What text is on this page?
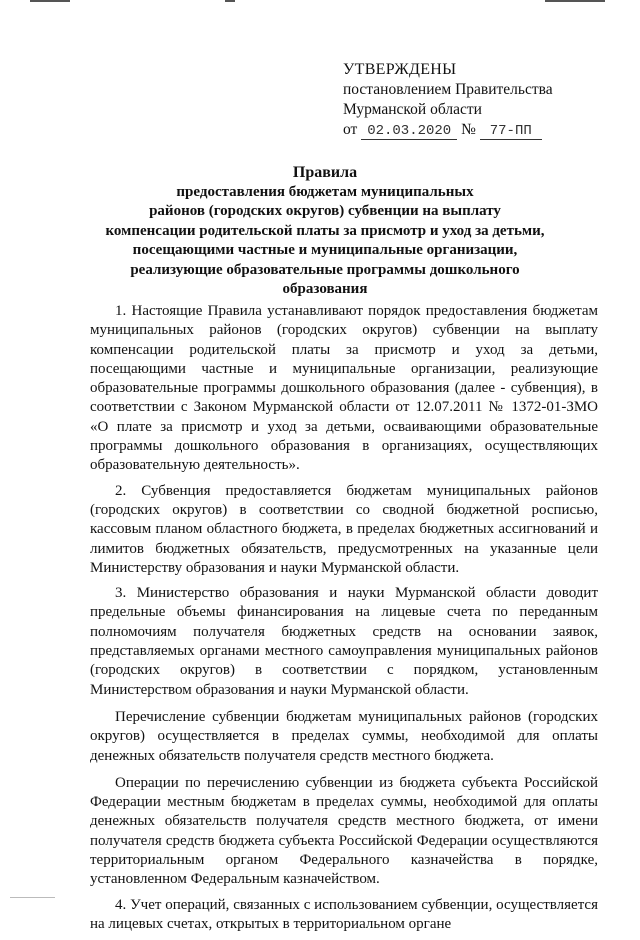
УТВЕРЖДЕНЫ
постановлением Правительства
Мурманской области
от 02.03.2020 № 77-ПП
Правила
предоставления бюджетам муниципальных
районов (городских округов) субвенции на выплату
компенсации родительской платы за присмотр и уход за детьми,
посещающими частные и муниципальные организации,
реализующие образовательные программы дошкольного
образования

1. Настоящие Правила устанавливают порядок предоставления бюджетам муниципальных районов (городских округов) субвенции на выплату компенсации родительской платы за присмотр и уход за детьми, посещающими частные и муниципальные организации, реализующие образовательные программы дошкольного образования (далее - субвенция), в соответствии с Законом Мурманской области от 12.07.2011 № 1372-01-ЗМО «О плате за присмотр и уход за детьми, осваивающими образовательные программы дошкольного образования в организациях, осуществляющих образовательную деятельность».

2. Субвенция предоставляется бюджетам муниципальных районов (городских округов) в соответствии со сводной бюджетной росписью, кассовым планом областного бюджета, в пределах бюджетных ассигнований и лимитов бюджетных обязательств, предусмотренных на указанные цели Министерству образования и науки Мурманской области.

3. Министерство образования и науки Мурманской области доводит предельные объемы финансирования на лицевые счета по переданным полномочиям получателя бюджетных средств на основании заявок, представляемых органами местного самоуправления муниципальных районов (городских округов) в соответствии с порядком, установленным Министерством образования и науки Мурманской области.

Перечисление субвенции бюджетам муниципальных районов (городских округов) осуществляется в пределах суммы, необходимой для оплаты денежных обязательств получателя средств местного бюджета.

Операции по перечислению субвенции из бюджета субъекта Российской Федерации местным бюджетам в пределах суммы, необходимой для оплаты денежных обязательств получателя средств местного бюджета, от имени получателя средств бюджета субъекта Российской Федерации осуществляются территориальным органом Федерального казначейства в порядке, установленном Федеральным казначейством.

4. Учет операций, связанных с использованием субвенции, осуществляется на лицевых счетах, открытых в территориальном органе
